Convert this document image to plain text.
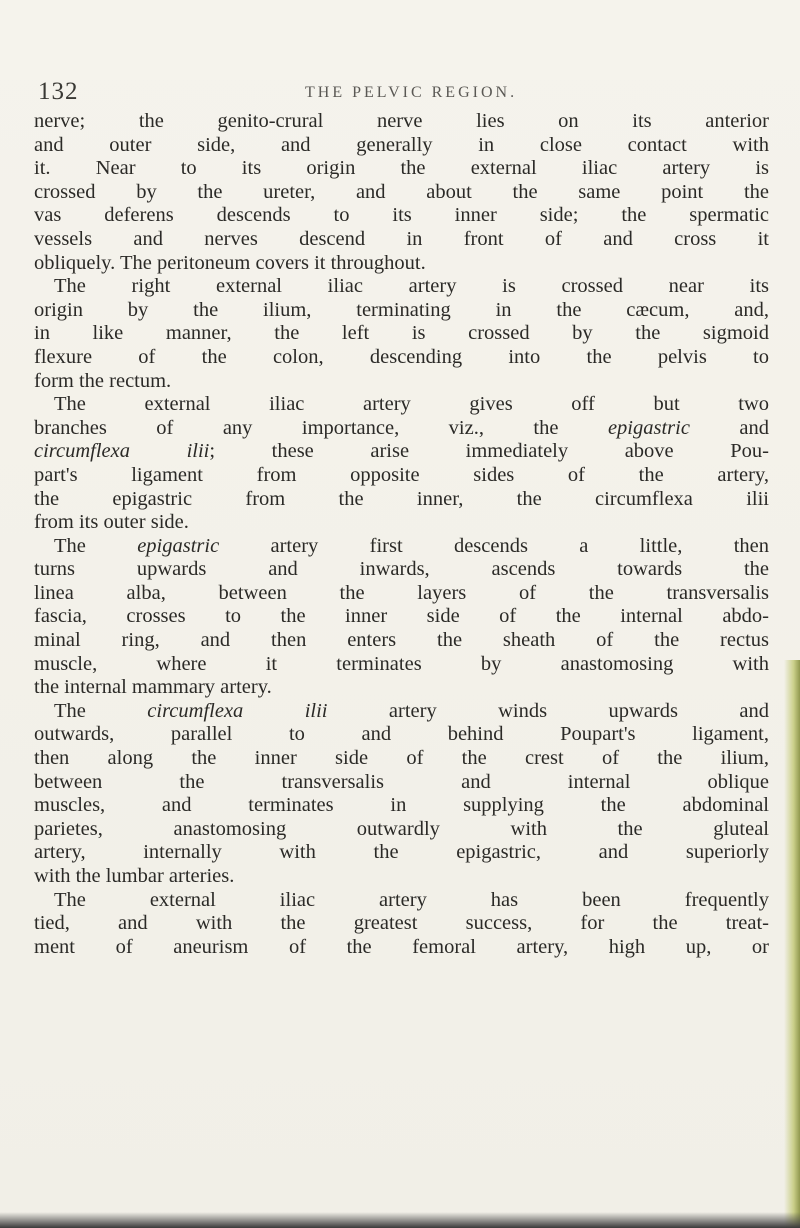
132	THE PELVIC REGION.
nerve; the genito-crural nerve lies on its anterior
and outer side, and generally in close contact with
it. Near to its origin the external iliac artery is
crossed by the ureter, and about the same point the
vas deferens descends to its inner side; the spermatic
vessels and nerves descend in front of and cross it
obliquely. The peritoneum covers it throughout.
The right external iliac artery is crossed near its
origin by the ilium, terminating in the cæcum, and,
in like manner, the left is crossed by the sigmoid
flexure of the colon, descending into the pelvis to
form the rectum.
The external iliac artery gives off but two
branches of any importance, viz., the epigastric and
circumflexa ilii; these arise immediately above Pou-
part's ligament from opposite sides of the artery,
the epigastric from the inner, the circumflexa ilii
from its outer side.
The epigastric artery first descends a little, then
turns upwards and inwards, ascends towards the
linea alba, between the layers of the transversalis
fascia, crosses to the inner side of the internal abdo-
minal ring, and then enters the sheath of the rectus
muscle, where it terminates by anastomosing with
the internal mammary artery.
The circumflexa ilii artery winds upwards and
outwards, parallel to and behind Poupart's ligament,
then along the inner side of the crest of the ilium,
between the transversalis and internal oblique
muscles, and terminates in supplying the abdominal
parietes, anastomosing outwardly with the gluteal
artery, internally with the epigastric, and superiorly
with the lumbar arteries.
The external iliac artery has been frequently
tied, and with the greatest success, for the treat-
ment of aneurism of the femoral artery, high up, or
